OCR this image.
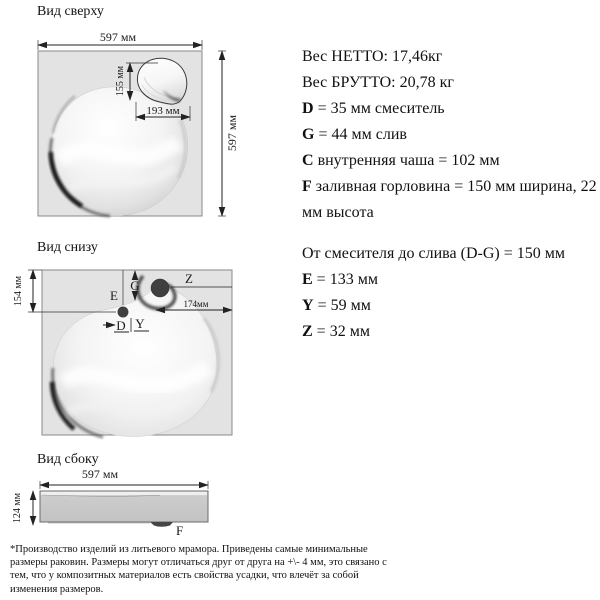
Вид сверху
597 мм
155 мм
193 мм
597 мм
Вес НЕТТО: 17,46кг
Вес БРУТТО: 20,78 кг
D = 35 мм смеситель
G = 44 мм слив
C внутренняя чаша = 102 мм
F заливная горловина = 150 мм ширина, 22 мм высота
От смесителя до слива (D-G) = 150 мм
E = 133 мм
Y = 59 мм
Z = 32 мм
Вид снизу
154 мм	E
G	Z
174мм
D Y
Вид сбоку
597 мм
124 мм
F
*Производство изделий из литьевого мрамора. Приведены самые минимальные размеры раковин. Размеры могут отличаться друг от друга на +\- 4 мм, это связано с тем, что у композитных материалов есть свойства усадки, что влечёт за собой изменения размеров.
